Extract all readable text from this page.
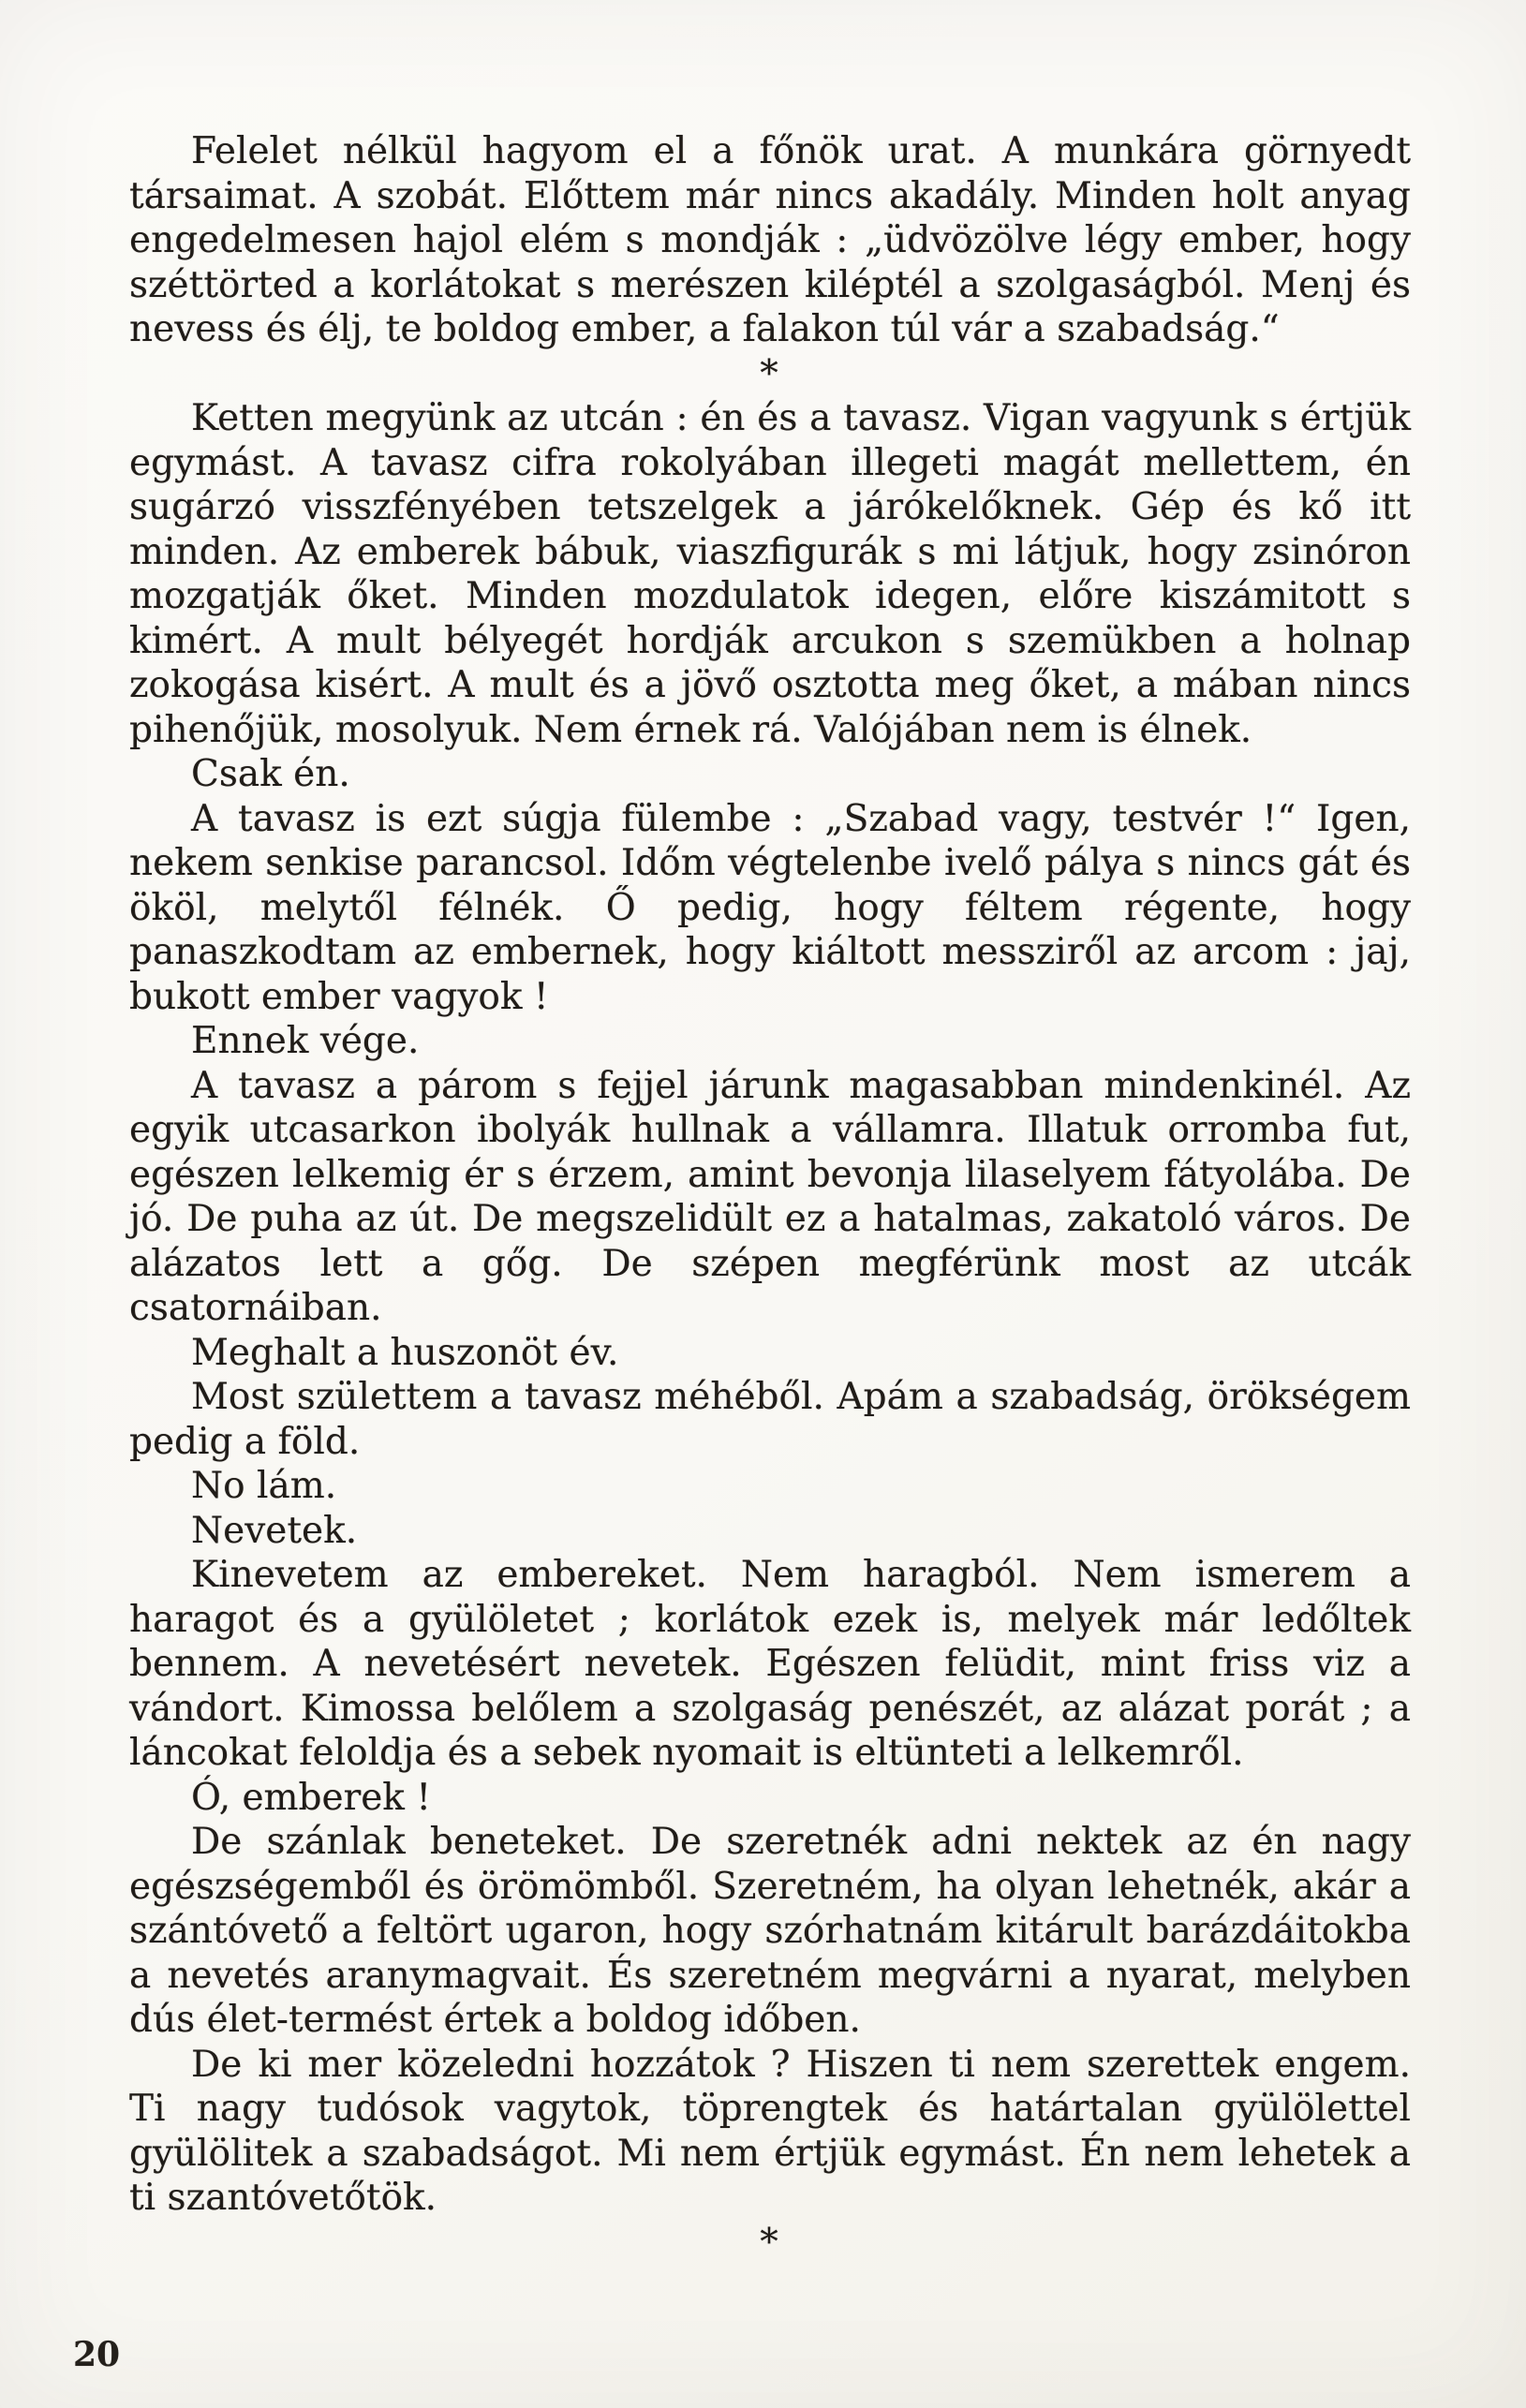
Felelet nélkül hagyom el a főnök urat. A munkára görnyedt társaimat. A szobát. Előttem már nincs akadály. Minden holt anyag engedelmesen hajol elém s mondják : „üdvözölve légy ember, hogy széttörted a korlátokat s merészen kiléptél a szolgaságból. Menj és nevess és élj, te boldog ember, a falakon túl vár a szabadság.“

*

Ketten megyünk az utcán : én és a tavasz. Vigan vagyunk s értjük egymást. A tavasz cifra rokolyában illegeti magát mellettem, én sugárzó visszfényében tetszelgek a járókelőknek. Gép és kő itt minden. Az emberek bábuk, viaszfigurák s mi látjuk, hogy zsinóron mozgatják őket. Minden mozdulatok idegen, előre kiszámitott s kimért. A mult bélyegét hordják arcukon s szemükben a holnap zokogása kisért. A mult és a jövő osztotta meg őket, a mában nincs pihenőjük, mosolyuk. Nem érnek rá. Valójában nem is élnek.

Csak én.

A tavasz is ezt súgja fülembe : „Szabad vagy, testvér !“ Igen, nekem senkise parancsol. Időm végtelenbe ivelő pálya s nincs gát és ököl, melytől félnék. Ő pedig, hogy féltem régente, hogy panaszkodtam az embernek, hogy kiáltott messziről az arcom : jaj, bukott ember vagyok !

Ennek vége.

A tavasz a párom s fejjel járunk magasabban mindenkinél. Az egyik utcasarkon ibolyák hullnak a vállamra. Illatuk orromba fut, egészen lelkemig ér s érzem, amint bevonja lilaselyem fátyolába. De jó. De puha az út. De megszelidült ez a hatalmas, zakatoló város. De alázatos lett a gőg. De szépen megférünk most az utcák csatornáiban.

Meghalt a huszonöt év.

Most születtem a tavasz méhéből. Apám a szabadság, örökségem pedig a föld.

No lám.

Nevetek.

Kinevetem az embereket. Nem haragból. Nem ismerem a haragot és a gyülöletet ; korlátok ezek is, melyek már ledőltek bennem. A nevetésért nevetek. Egészen felüdit, mint friss viz a vándort. Kimossa belőlem a szolgaság penészét, az alázat porát ; a láncokat feloldja és a sebek nyomait is eltünteti a lelkemről.

Ó, emberek !

De szánlak beneteket. De szeretnék adni nektek az én nagy egészségemből és örömömből. Szeretném, ha olyan lehetnék, akár a szántóvető a feltört ugaron, hogy szórhatnám kitárult barázdáitokba a nevetés aranymagvait. És szeretném megvárni a nyarat, melyben dús élet-termést értek a boldog időben.

De ki mer közeledni hozzátok ? Hiszen ti nem szerettek engem. Ti nagy tudósok vagytok, töprengtek és határtalan gyülölettel gyülölitek a szabadságot. Mi nem értjük egymást. Én nem lehetek a ti szantóvetőtök.

*

20
